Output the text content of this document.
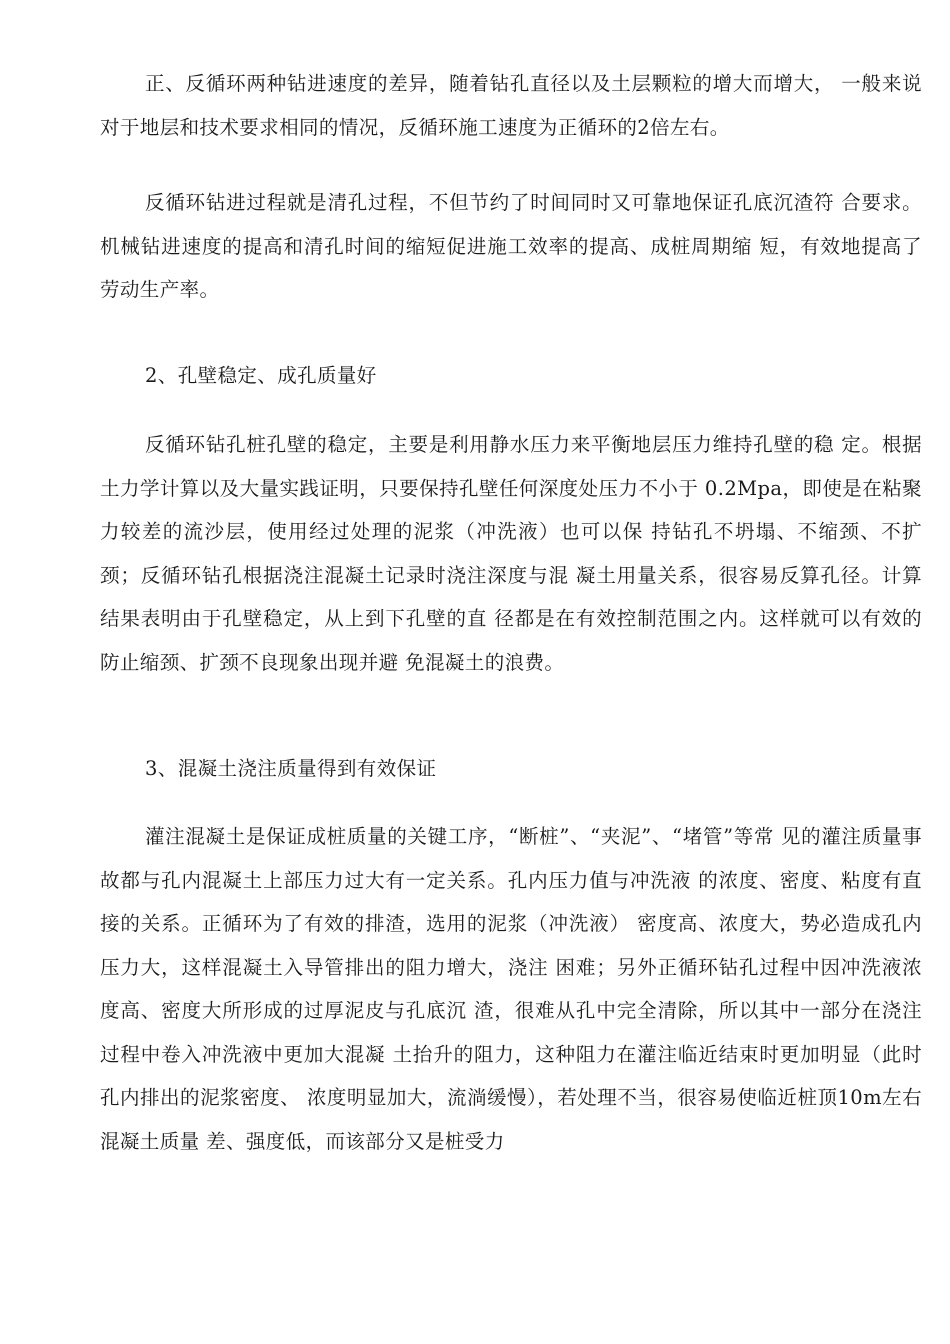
正、反循环两种钻进速度的差异，随着钻孔直径以及土层颗粒的增大而增大， 一般来说对于地层和技术要求相同的情况，反循环施工速度为正循环的2倍左右。

反循环钻进过程就是清孔过程，不但节约了时间同时又可靠地保证孔底沉渣符 合要求。机械钻进速度的提高和清孔时间的缩短促进施工效率的提高、成桩周期缩 短，有效地提高了劳动生产率。

2、孔壁稳定、成孔质量好

反循环钻孔桩孔壁的稳定，主要是利用静水压力来平衡地层压力维持孔壁的稳 定。根据土力学计算以及大量实践证明，只要保持孔壁任何深度处压力不小于 0.2Mpa，即使是在粘聚力较差的流沙层，使用经过处理的泥浆（冲洗液）也可以保 持钻孔不坍塌、不缩颈、不扩颈；反循环钻孔根据浇注混凝土记录时浇注深度与混 凝土用量关系，很容易反算孔径。计算结果表明由于孔壁稳定，从上到下孔壁的直 径都是在有效控制范围之内。这样就可以有效的防止缩颈、扩颈不良现象出现并避 免混凝土的浪费。

3、混凝土浇注质量得到有效保证

灌注混凝土是保证成桩质量的关键工序，“断桩”、“夹泥”、“堵管”等常 见的灌注质量事故都与孔内混凝土上部压力过大有一定关系。孔内压力值与冲洗液 的浓度、密度、粘度有直接的关系。正循环为了有效的排渣，选用的泥浆（冲洗液） 密度高、浓度大，势必造成孔内压力大，这样混凝土入导管排出的阻力增大，浇注 困难；另外正循环钻孔过程中因冲洗液浓度高、密度大所形成的过厚泥皮与孔底沉 渣，很难从孔中完全清除，所以其中一部分在浇注过程中卷入冲洗液中更加大混凝 土抬升的阻力，这种阻力在灌注临近结束时更加明显（此时孔内排出的泥浆密度、 浓度明显加大，流淌缓慢），若处理不当，很容易使临近桩顶10m左右混凝土质量 差、强度低，而该部分又是桩受力
